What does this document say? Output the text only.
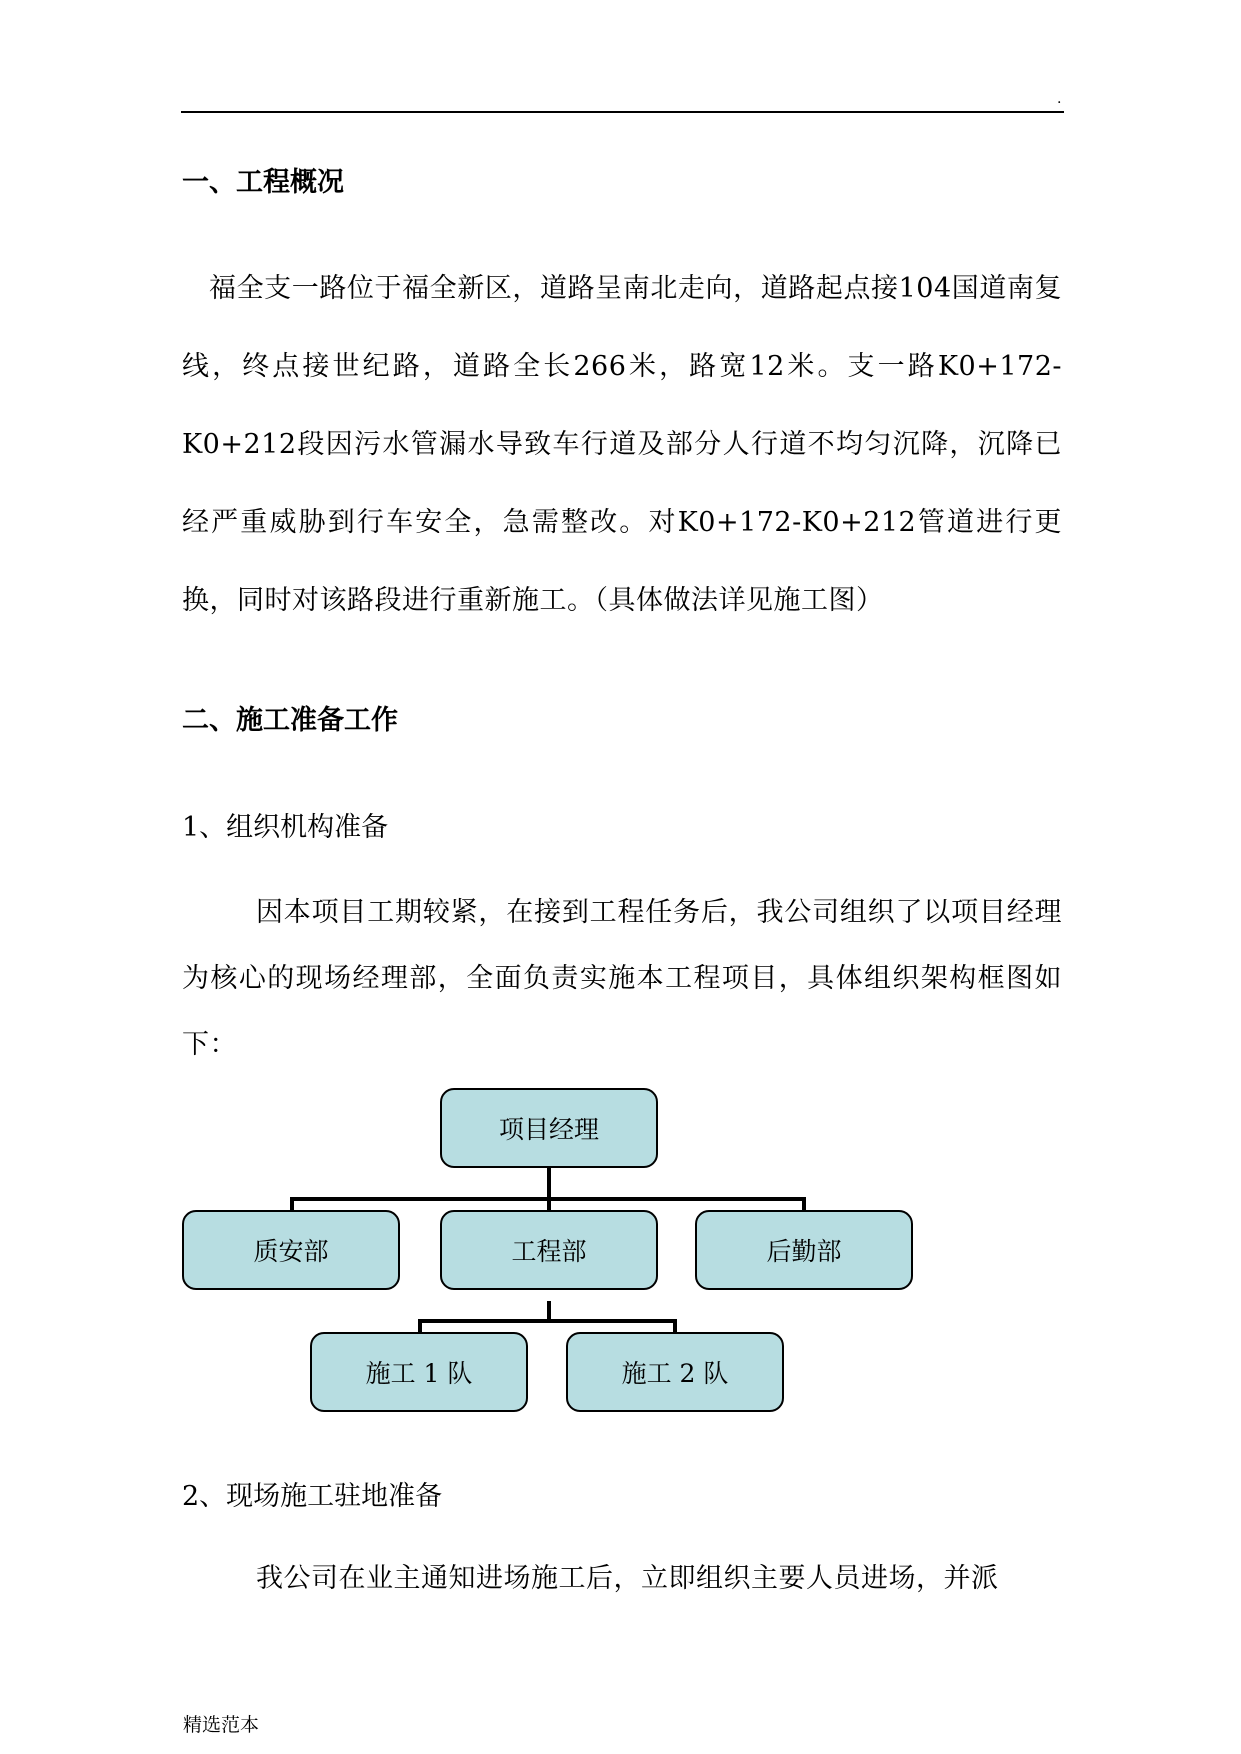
.
一、工程概况

福全支一路位于福全新区，道路呈南北走向，道路起点接104国道南复线，终点接世纪路，道路全长266米，路宽12米。支一路K0+172-K0+212段因污水管漏水导致车行道及部分人行道不均匀沉降，沉降已经严重威胁到行车安全，急需整改。对K0+172-K0+212管道进行更换，同时对该路段进行重新施工。（具体做法详见施工图）

二、施工准备工作
1、组织机构准备

因本项目工期较紧，在接到工程任务后，我公司组织了以项目经理为核心的现场经理部，全面负责实施本工程项目，具体组织架构框图如下：

项目经理
质安部	工程部	后勤部
施工 1 队	施工 2 队
2、现场施工驻地准备

我公司在业主通知进场施工后，立即组织主要人员进场，并派

精选范本
